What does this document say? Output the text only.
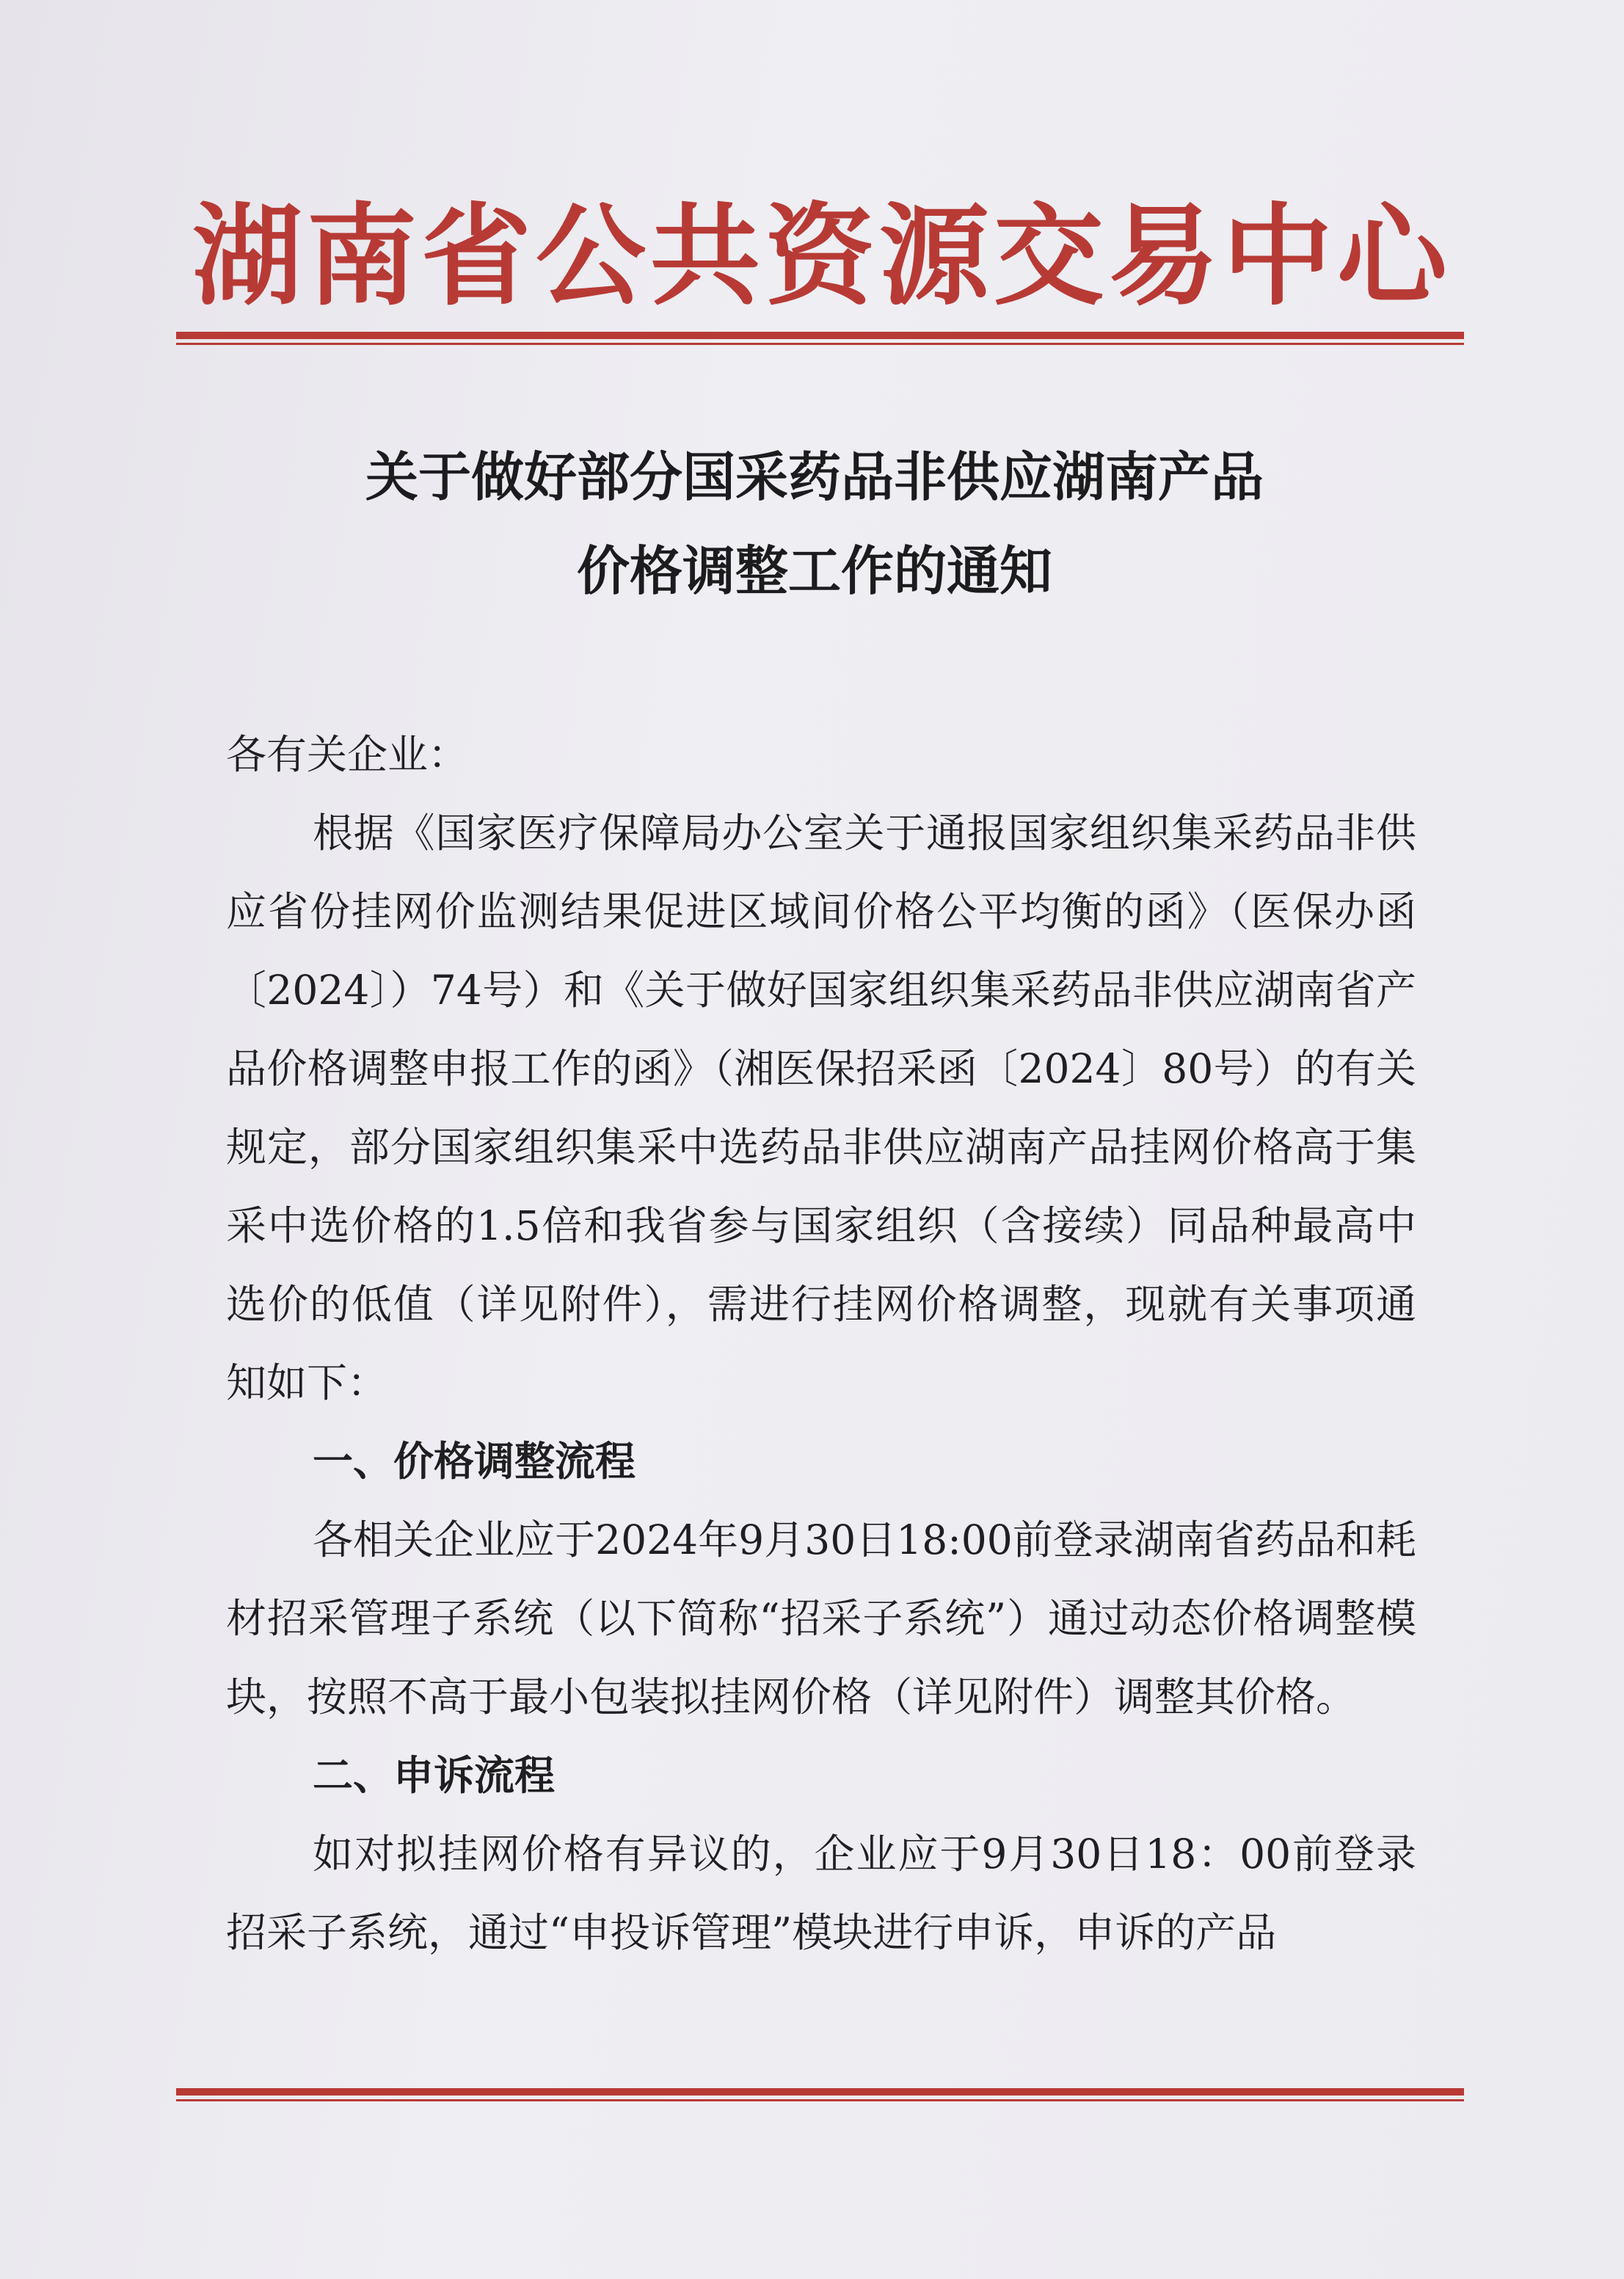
湖南省公共资源交易中心
关于做好部分国采药品非供应湖南产品
价格调整工作的通知

各有关企业：

根据《国家医疗保障局办公室关于通报国家组织集采药品非供应省份挂网价监测结果促进区域间价格公平均衡的函》（医保办函〔2024〕）74号）和《关于做好国家组织集采药品非供应湖南省产品价格调整申报工作的函》（湘医保招采函〔2024〕80号）的有关规定，部分国家组织集采中选药品非供应湖南产品挂网价格高于集采中选价格的1.5倍和我省参与国家组织（含接续）同品种最高中选价的低值（详见附件），需进行挂网价格调整，现就有关事项通知如下：

一、价格调整流程

各相关企业应于2024年9月30日18:00前登录湖南省药品和耗材招采管理子系统（以下简称“招采子系统”）通过动态价格调整模块，按照不高于最小包装拟挂网价格（详见附件）调整其价格。

二、申诉流程

如对拟挂网价格有异议的，企业应于9月30日18：00前登录招采子系统，通过“申投诉管理”模块进行申诉，申诉的产品
